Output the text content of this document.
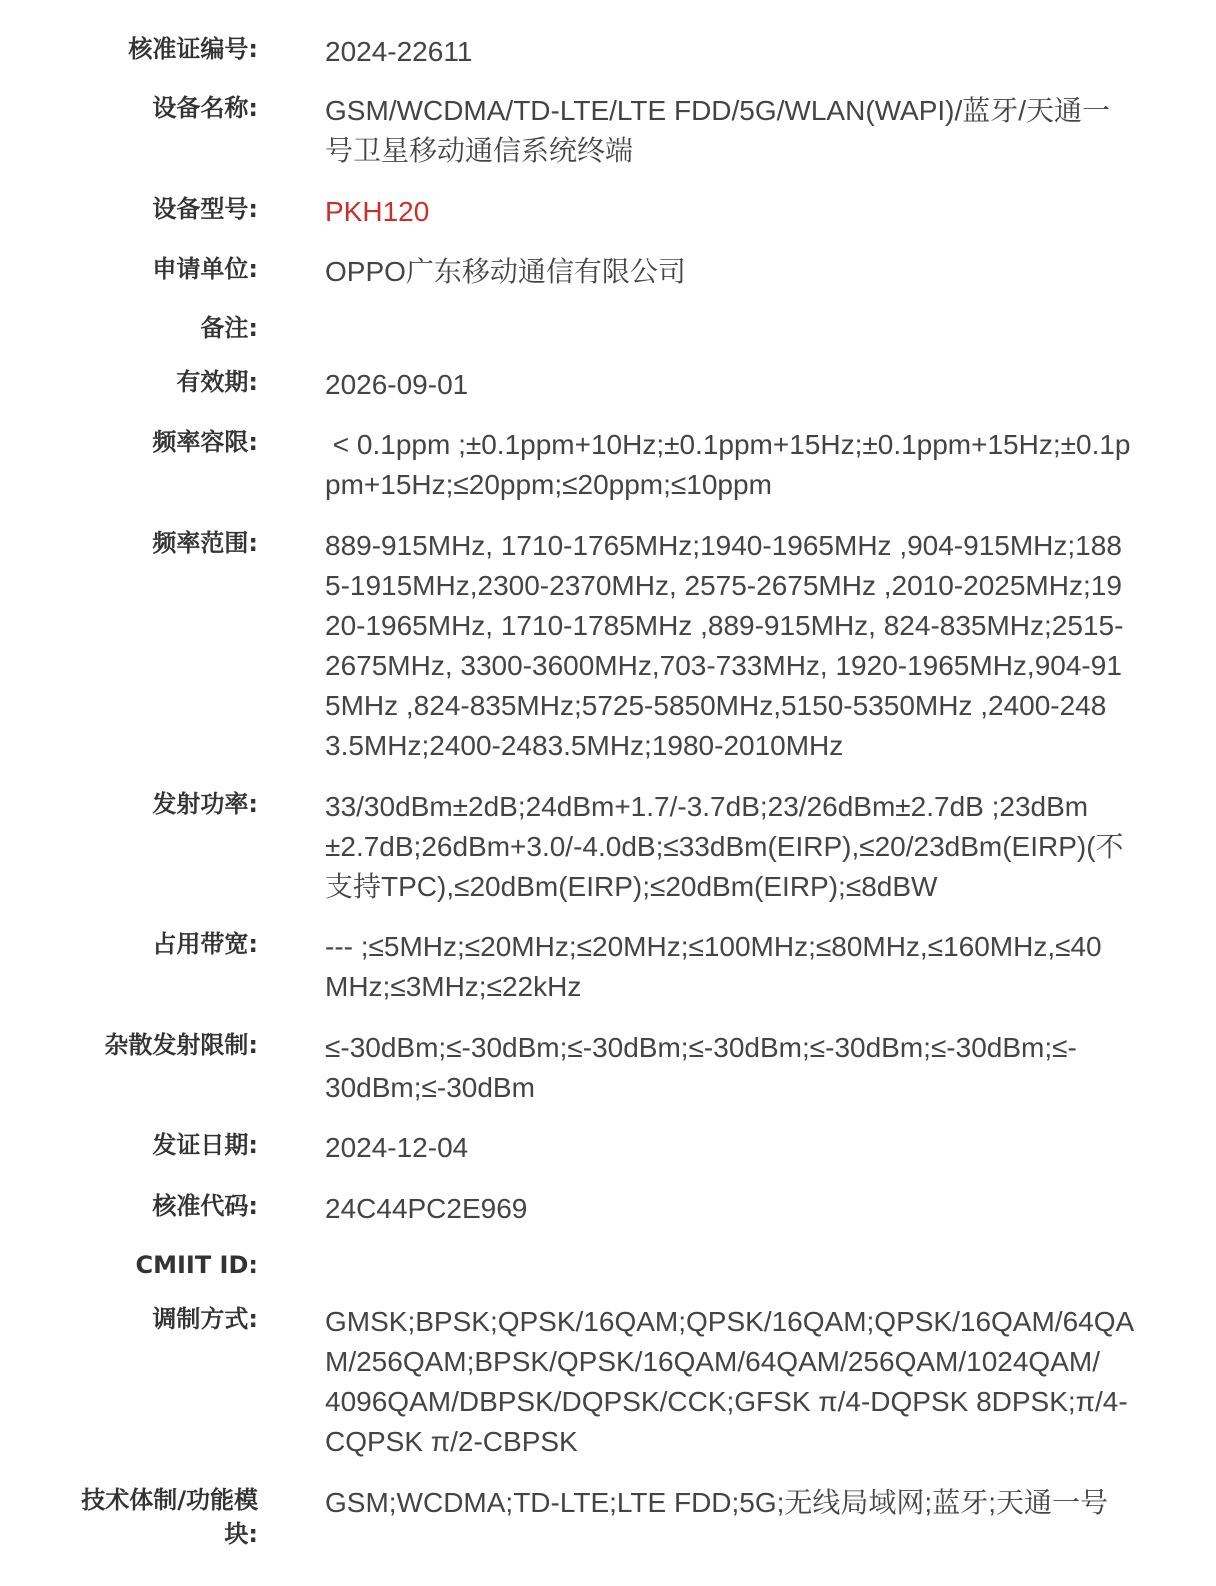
核准证编号: 2024-22611
设备名称: GSM/WCDMA/TD-LTE/LTE FDD/5G/WLAN(WAPI)/蓝牙/天通一
号卫星移动通信系统终端
设备型号: PKH120
申请单位: OPPO广东移动通信有限公司
备注:
有效期: 2026-09-01
频率容限:	< 0.1ppm ;±0.1ppm+10Hz;±0.1ppm+15Hz;±0.1ppm+15Hz;±0.1p
pm+15Hz;≤20ppm;≤20ppm;≤10ppm
频率范围: 889-915MHz, 1710-1765MHz;1940-1965MHz ,904-915MHz;188
5-1915MHz,2300-2370MHz, 2575-2675MHz ,2010-2025MHz;19
20-1965MHz, 1710-1785MHz ,889-915MHz, 824-835MHz;2515-
2675MHz, 3300-3600MHz,703-733MHz, 1920-1965MHz,904-91
5MHz ,824-835MHz;5725-5850MHz,5150-5350MHz ,2400-248
3.5MHz;2400-2483.5MHz;1980-2010MHz
发射功率: 33/30dBm±2dB;24dBm+1.7/-3.7dB;23/26dBm±2.7dB ;23dBm
±2.7dB;26dBm+3.0/-4.0dB;≤33dBm(EIRP),≤20/23dBm(EIRP)(不
支持TPC),≤20dBm(EIRP);≤20dBm(EIRP);≤8dBW
占用带宽: --- ;≤5MHz;≤20MHz;≤20MHz;≤100MHz;≤80MHz,≤160MHz,≤40
MHz;≤3MHz;≤22kHz
杂散发射限制: ≤-30dBm;≤-30dBm;≤-30dBm;≤-30dBm;≤-30dBm;≤-30dBm;≤-
30dBm;≤-30dBm
发证日期: 2024-12-04
核准代码: 24C44PC2E969
CMIIT ID:
调制方式: GMSK;BPSK;QPSK/16QAM;QPSK/16QAM;QPSK/16QAM/64QA
M/256QAM;BPSK/QPSK/16QAM/64QAM/256QAM/1024QAM/
4096QAM/DBPSK/DQPSK/CCK;GFSK π/4-DQPSK 8DPSK;π/4-
CQPSK π/2-CBPSK
技术体制/功能模
块:
GSM;WCDMA;TD-LTE;LTE FDD;5G;无线局域网;蓝牙;天通一号
